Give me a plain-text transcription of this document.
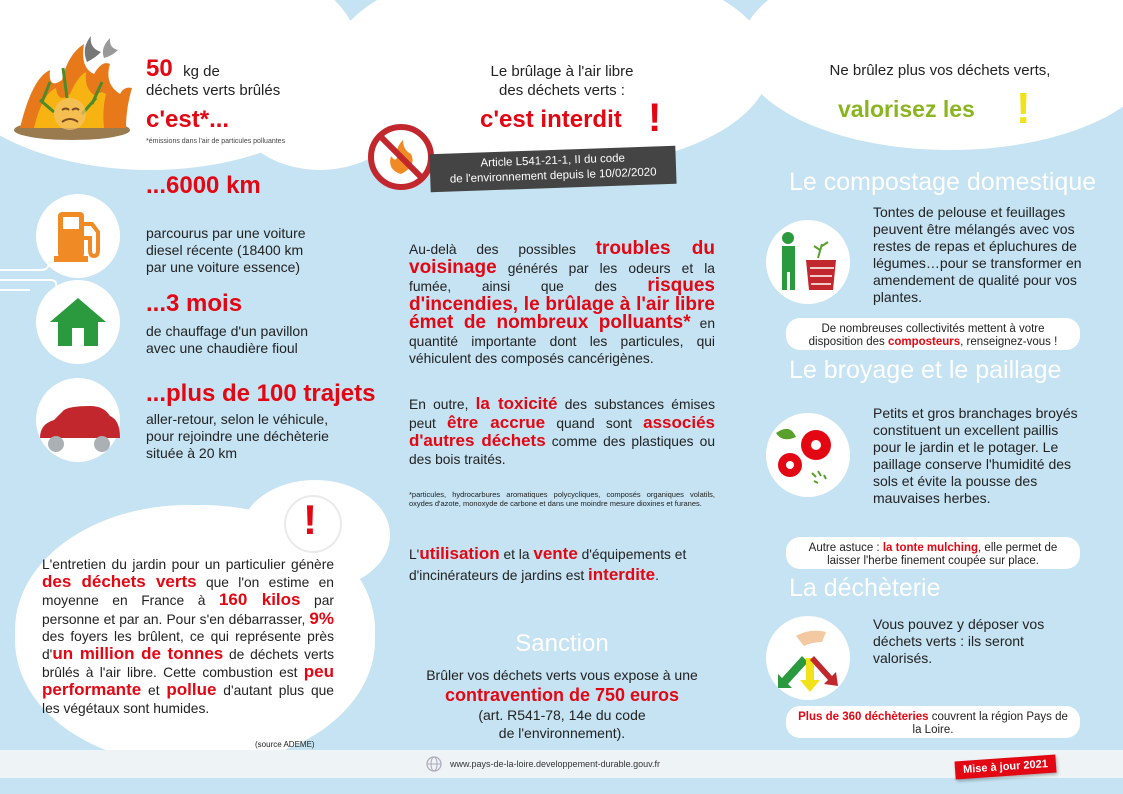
50 kg de
déchets verts brûlés
c'est*...
*émissions dans l'air de particules polluantes
...6000 km
parcourus par une voiture diesel récente (18400 km par une voiture essence)
...3 mois
de chauffage d'un pavillon avec une chaudière fioul
...plus de 100 trajets
aller-retour, selon le véhicule, pour rejoindre une déchèterie située à 20 km
!
L'entretien du jardin pour un particulier génère des déchets verts que l'on estime en moyenne en France à 160 kilos par personne et par an. Pour s'en débarrasser, 9% des foyers les brûlent, ce qui représente près d'un million de tonnes de déchets verts brûlés à l'air libre. Cette combustion est peu performante et pollue d'autant plus que les végétaux sont humides.
(source ADEME)
Le brûlage à l'air libre
des déchets verts :
c'est interdit !
Article L541-21-1, II du code
de l'environnement depuis le 10/02/2020
Au-delà des possibles troubles du voisinage générés par les odeurs et la fumée, ainsi que des risques d'incendies, le brûlage à l'air libre émet de nombreux polluants* en quantité importante dont les particules, qui véhiculent des composés cancérigènes.
En outre, la toxicité des substances émises peut être accrue quand sont associés d'autres déchets comme des plastiques ou des bois traités.
*particules, hydrocarbures aromatiques polycycliques, composés organiques volatils, oxydes d'azote, monoxyde de carbone et dans une moindre mesure dioxines et furanes.
L'utilisation et la vente d'équipements et d'incinérateurs de jardins est interdite.
Sanction
Brûler vos déchets verts vous expose à une
contravention de 750 euros
(art. R541-78, 14e du code
de l'environnement).
Ne brûlez plus vos déchets verts,
valorisez les !
Le compostage domestique
Tontes de pelouse et feuillages peuvent être mélangés avec vos restes de repas et épluchures de légumes…pour se transformer en amendement de qualité pour vos plantes.
De nombreuses collectivités mettent à votre disposition des composteurs, renseignez-vous !
Le broyage et le paillage
Petits et gros branchages broyés constituent un excellent paillis pour le jardin et le potager. Le paillage conserve l'humidité des sols et évite la pousse des mauvaises herbes.
Autre astuce : la tonte mulching, elle permet de laisser l'herbe finement coupée sur place.
La déchèterie
Vous pouvez y déposer vos déchets verts : ils seront valorisés.
Plus de 360 déchèteries couvrent la région Pays de la Loire.
www.pays-de-la-loire.developpement-durable.gouv.fr	Mise à jour 2021
